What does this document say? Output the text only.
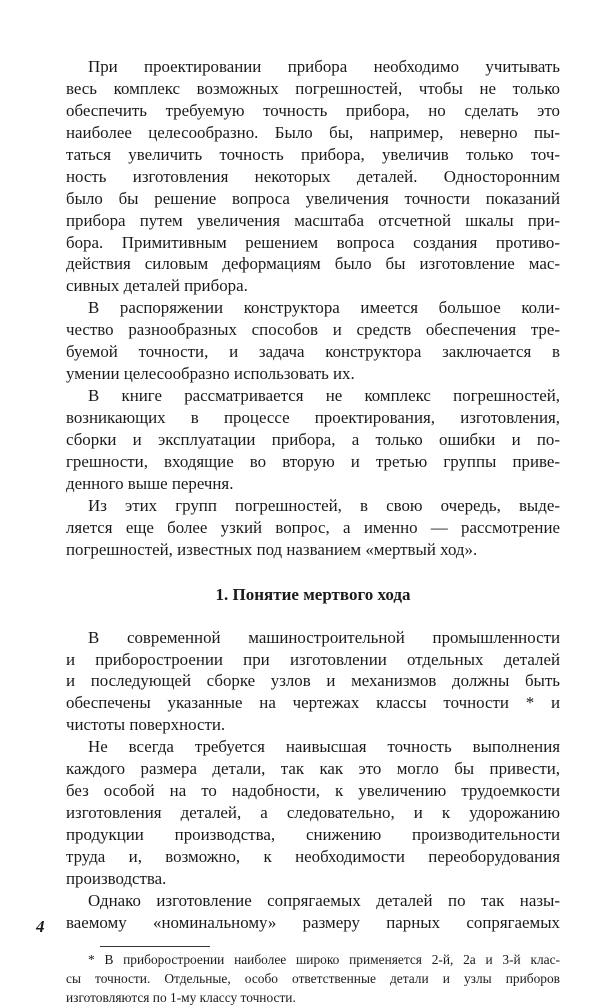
При проектировании прибора необходимо учитывать
весь комплекс возможных погрешностей, чтобы не только
обеспечить требуемую точность прибора, но сделать это
наиболее целесообразно. Было бы, например, неверно пы-
таться увеличить точность прибора, увеличив только точ-
ность изготовления некоторых деталей. Односторонним
было бы решение вопроса увеличения точности показаний
прибора путем увеличения масштаба отсчетной шкалы при-
бора. Примитивным решением вопроса создания противо-
действия силовым деформациям было бы изготовление мас-
сивных деталей прибора.
В распоряжении конструктора имеется большое коли-
чество разнообразных способов и средств обеспечения тре-
буемой точности, и задача конструктора заключается в
умении целесообразно использовать их.
В книге рассматривается не комплекс погрешностей,
возникающих в процессе проектирования, изготовления,
сборки и эксплуатации прибора, а только ошибки и по-
грешности, входящие во вторую и третью группы приве-
денного выше перечня.
Из этих групп погрешностей, в свою очередь, выде-
ляется еще более узкий вопрос, а именно — рассмотрение
погрешностей, известных под названием «мертвый ход».
1. Понятие мертвого хода
В современной машиностроительной промышленности
и приборостроении при изготовлении отдельных деталей
и последующей сборке узлов и механизмов должны быть
обеспечены указанные на чертежах классы точности * и
чистоты поверхности.
Не всегда требуется наивысшая точность выполнения
каждого размера детали, так как это могло бы привести,
без особой на то надобности, к увеличению трудоемкости
изготовления деталей, а следовательно, и к удорожанию
продукции производства, снижению производительности
труда и, возможно, к необходимости переоборудования
производства.
Однако изготовление сопрягаемых деталей по так назы-
ваемому «номинальному» размеру парных сопрягаемых
* В приборостроении наиболее широко применяется 2-й, 2а и 3-й клас-
сы точности. Отдельные, особо ответственные детали и узлы приборов
изготовляются по 1-му классу точности.
4
